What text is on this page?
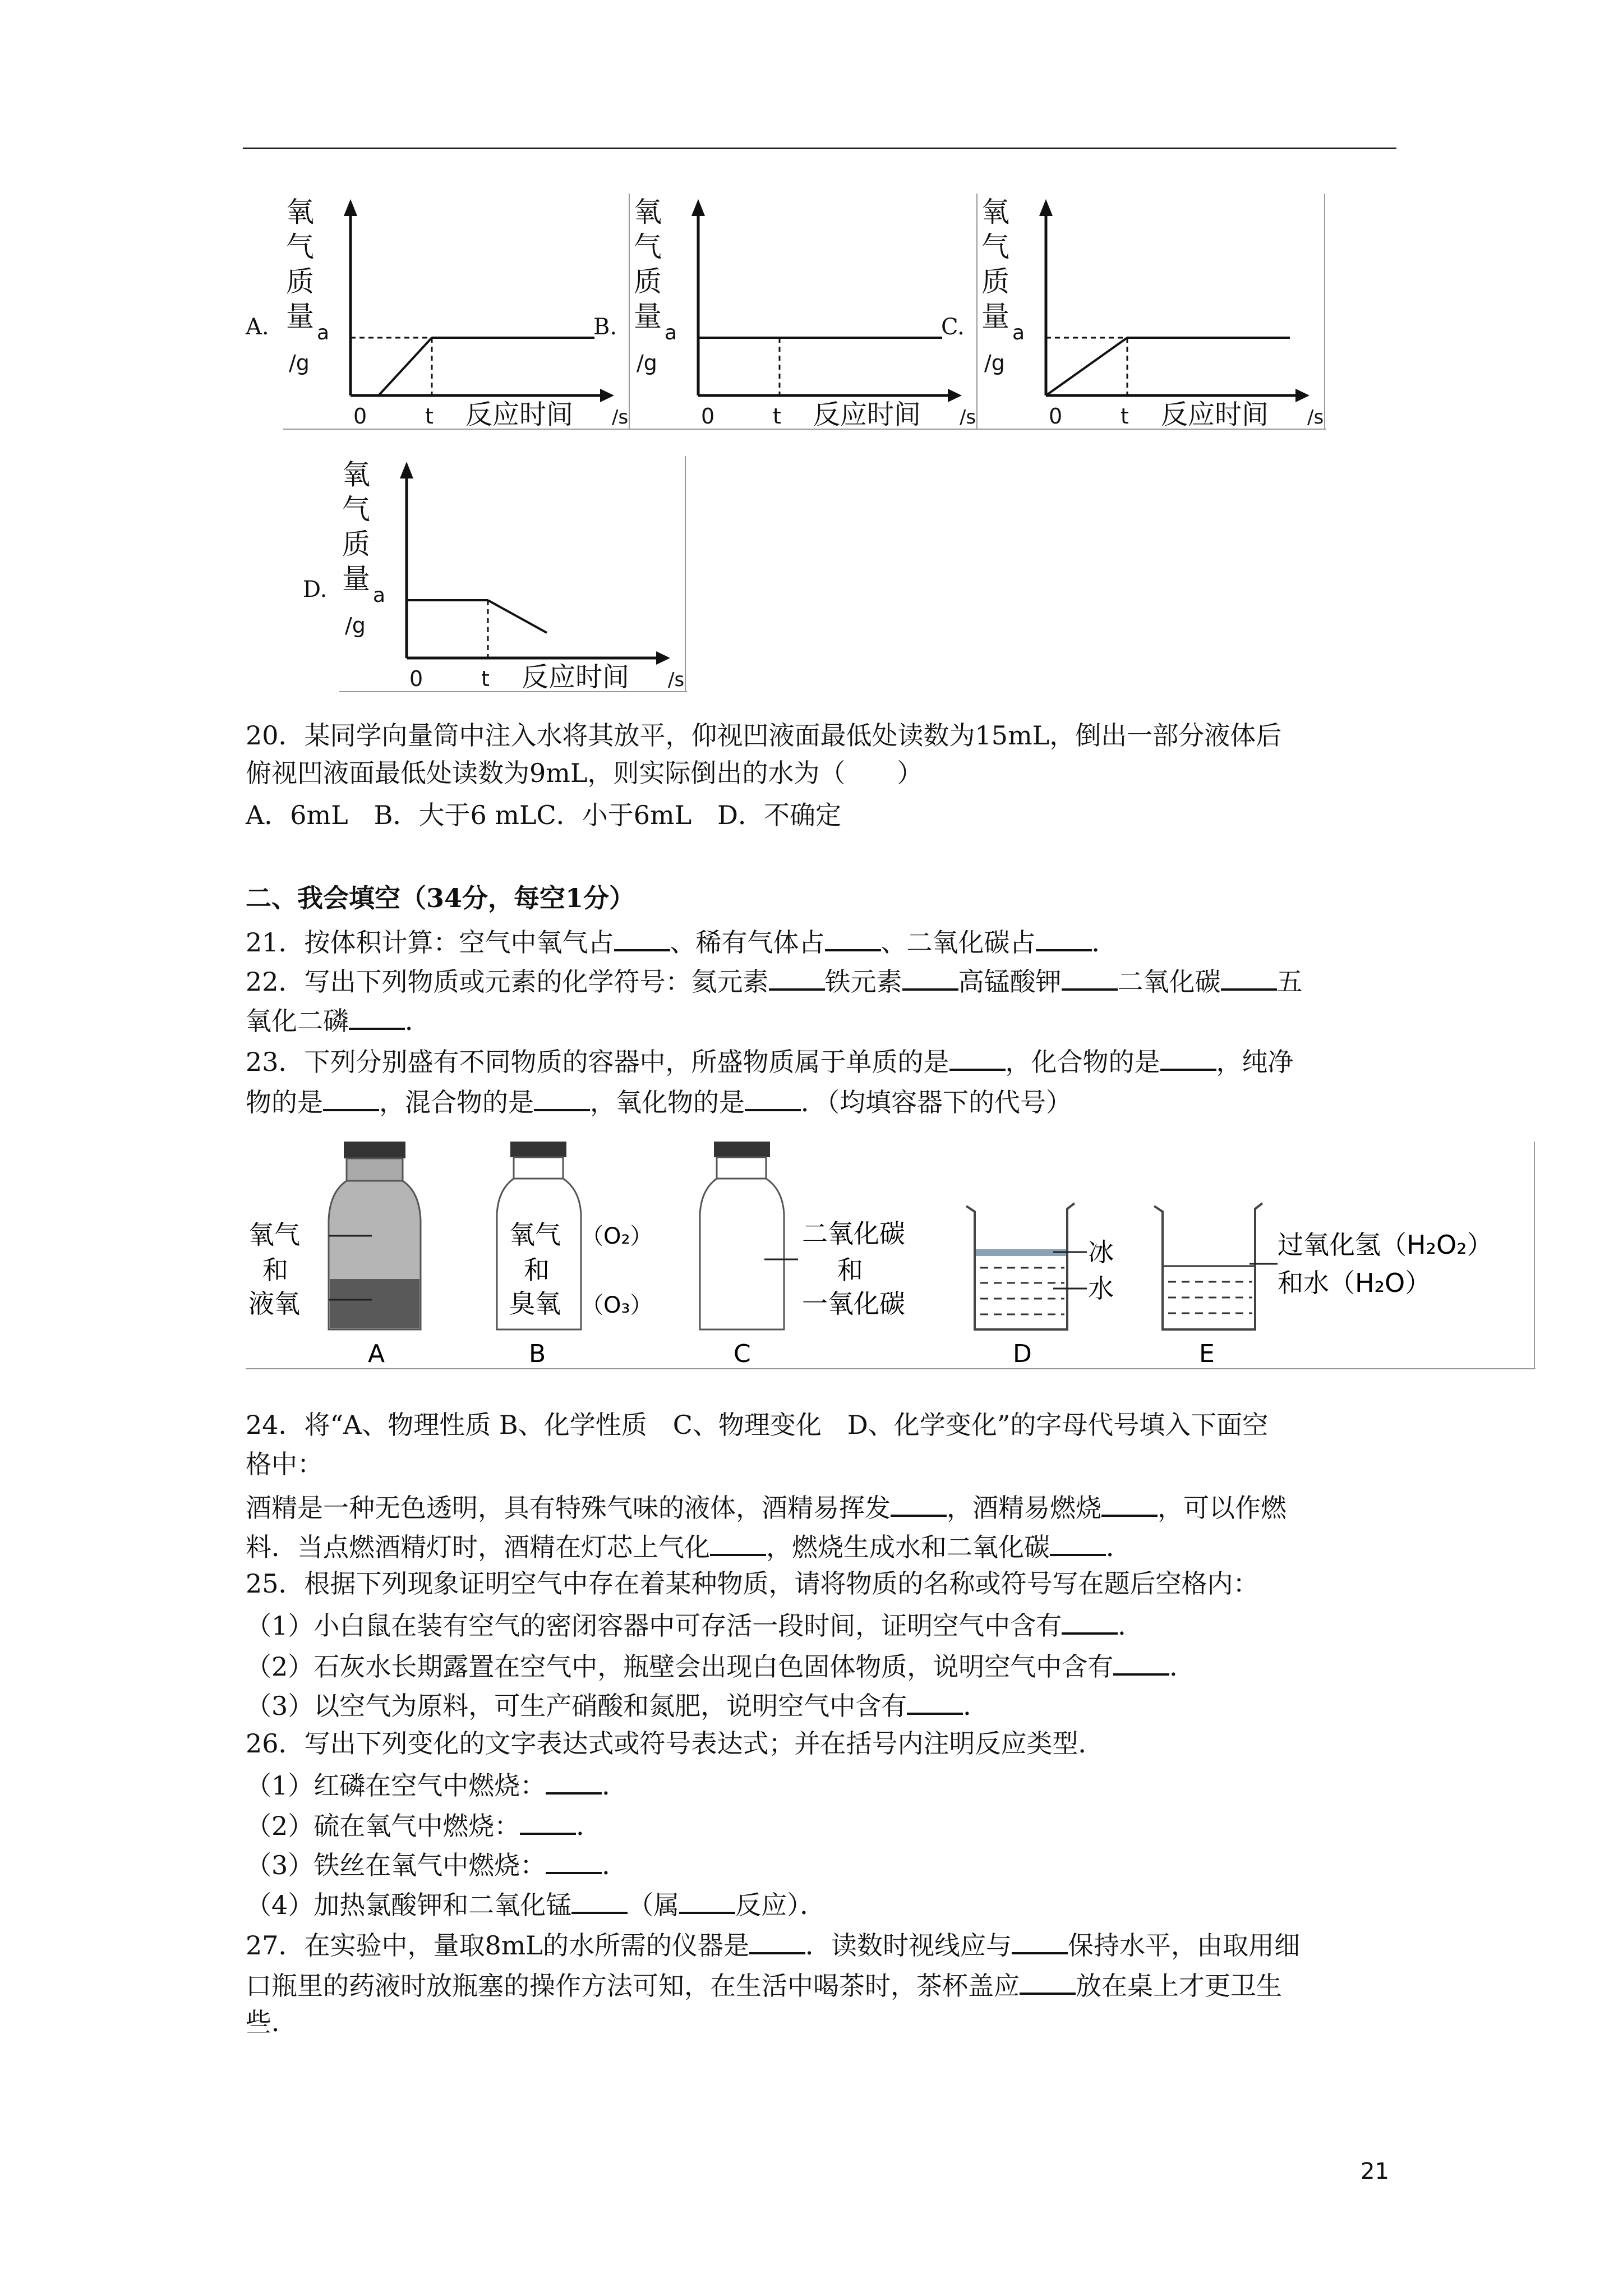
A.
氧
气
质
量
a
/g
0	t 反应时间 /s
B.
氧
气
质
量
a
/g
0	t 反应时间 /s
C.
氧
气
质
量
a
/g
0	t 反应时间 /s
D.
氧
气
质
量
a
/g
0	t 反应时间 /s
20．某同学向量筒中注入水将其放平，仰视凹液面最低处读数为15mL，倒出一部分液体后
俯视凹液面最低处读数为9mL，则实际倒出的水为（　　）
A．6mL　B．大于6 mLC．小于6mL　D．不确定
二、我会填空（34分，每空1分）
21．按体积计算：空气中氧气占 、稀有气体占 、二氧化碳占 ．
22．写出下列物质或元素的化学符号：氦元素 铁元素 高锰酸钾 二氧化碳 五
氧化二磷 ．
23．下列分别盛有不同物质的容器中，所盛物质属于单质的是 ，化合物的是 ，纯净
物的是 ，混合物的是 ，氧化物的是 ．（均填容器下的代号）
氧气
和
液氧
A
氧气
和
臭氧
（O₂）
（O₃）
B
二氧化碳
和
一氧化碳
C
冰
水
D
过氧化氢（H₂O₂）
和水（H₂O）
E
24．将“A、物理性质 B、化学性质　C、物理变化　D、化学变化”的字母代号填入下面空
格中：
酒精是一种无色透明，具有特殊气味的液体，酒精易挥发 ，酒精易燃烧 ，可以作燃
料．当点燃酒精灯时，酒精在灯芯上气化 ，燃烧生成水和二氧化碳 ．
25．根据下列现象证明空气中存在着某种物质，请将物质的名称或符号写在题后空格内：
（1）小白鼠在装有空气的密闭容器中可存活一段时间，证明空气中含有 ．
（2）石灰水长期露置在空气中，瓶壁会出现白色固体物质，说明空气中含有 ．
（3）以空气为原料，可生产硝酸和氮肥，说明空气中含有 ．
26．写出下列变化的文字表达式或符号表达式；并在括号内注明反应类型．
（1）红磷在空气中燃烧： ．
（2）硫在氧气中燃烧： ．
（3）铁丝在氧气中燃烧： ．
（4）加热氯酸钾和二氧化锰 （属 反应）．
27．在实验中，量取8mL的水所需的仪器是 ．读数时视线应与 保持水平，由取用细
口瓶里的药液时放瓶塞的操作方法可知，在生活中喝茶时，茶杯盖应 放在桌上才更卫生
些．
21
